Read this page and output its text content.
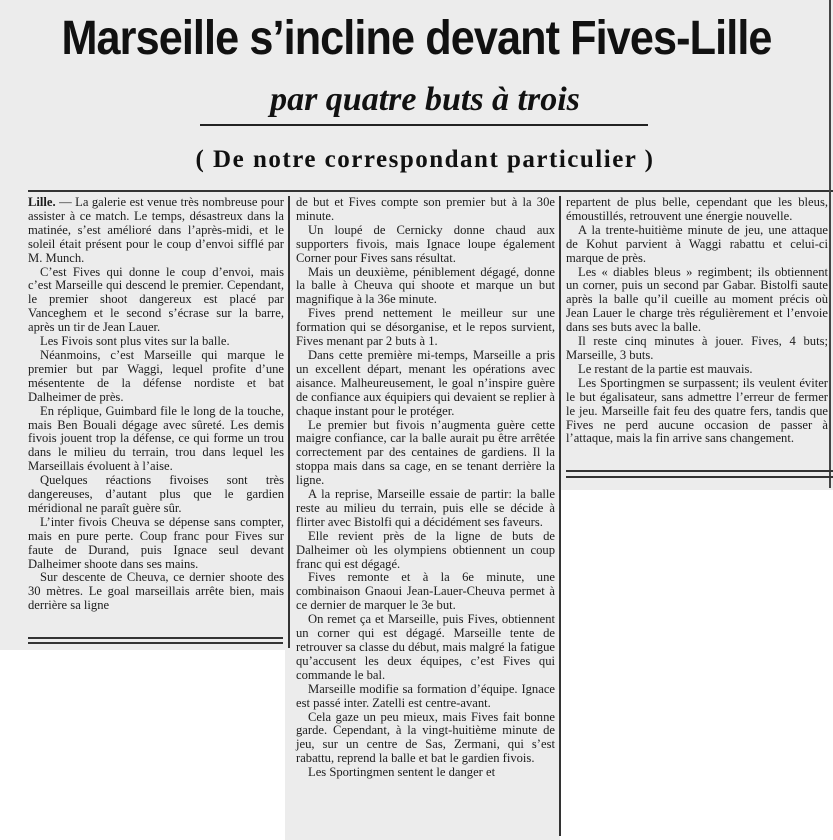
Marseille s’incline devant Fives-Lille
par quatre buts à trois
( De notre correspondant particulier )

Lille. — La galerie est venue très nombreuse pour assister à ce match. Le temps, désastreux dans la matinée, s’est amélioré dans l’après-midi, et le soleil était présent pour le coup d’envoi sifflé par M. Munch.

C’est Fives qui donne le coup d’envoi, mais c’est Marseille qui descend le premier. Cependant, le premier shoot dangereux est placé par Vanceghem et le second s’écrase sur la barre, après un tir de Jean Lauer.

Les Fivois sont plus vites sur la balle.

Néanmoins, c’est Marseille qui marque le premier but par Waggi, lequel profite d’une mésentente de la défense nordiste et bat Dalheimer de près.

En réplique, Guimbard file le long de la touche, mais Ben Bouali dégage avec sûreté. Les demis fivois jouent trop la défense, ce qui forme un trou dans le milieu du terrain, trou dans lequel les Marseillais évoluent à l’aise.

Quelques réactions fivoises sont très dangereuses, d’autant plus que le gardien méridional ne paraît guère sûr.

L’inter fivois Cheuva se dépense sans compter, mais en pure perte. Coup franc pour Fives sur faute de Durand, puis Ignace seul devant Dalheimer shoote dans ses mains.

Sur descente de Cheuva, ce dernier shoote des 30 mètres. Le goal marseillais arrête bien, mais derrière sa ligne

de but et Fives compte son premier but à la 30e minute.

Un loupé de Cernicky donne chaud aux supporters fivois, mais Ignace loupe également Corner pour Fives sans résultat.

Mais un deuxième, péniblement dégagé, donne la balle à Cheuva qui shoote et marque un but magnifique à la 36e minute.

Fives prend nettement le meilleur sur une formation qui se désorganise, et le repos survient, Fives menant par 2 buts à 1.

Dans cette première mi-temps, Marseille a pris un excellent départ, menant les opérations avec aisance. Malheureusement, le goal n’inspire guère de confiance aux équipiers qui devaient se replier à chaque instant pour le protéger.

Le premier but fivois n’augmenta guère cette maigre confiance, car la balle aurait pu être arrêtée correctement par des centaines de gardiens. Il la stoppa mais dans sa cage, en se tenant derrière la ligne.

A la reprise, Marseille essaie de partir: la balle reste au milieu du terrain, puis elle se décide à flirter avec Bistolfi qui a décidément ses faveurs.

Elle revient près de la ligne de buts de Dalheimer où les olympiens obtiennent un coup franc qui est dégagé.

Fives remonte et à la 6e minute, une combinaison Gnaoui Jean-Lauer-Cheuva permet à ce dernier de marquer le 3e but.

On remet ça et Marseille, puis Fives, obtiennent un corner qui est dégagé. Marseille tente de retrouver sa classe du début, mais malgré la fatigue qu’accusent les deux équipes, c’est Fives qui commande le bal.

Marseille modifie sa formation d’équipe. Ignace est passé inter. Zatelli est centre-avant.

Cela gaze un peu mieux, mais Fives fait bonne garde. Cependant, à la vingt-huitième minute de jeu, sur un centre de Sas, Zermani, qui s’est rabattu, reprend la balle et bat le gardien fivois.

Les Sportingmen sentent le danger et

repartent de plus belle, cependant que les bleus, émoustillés, retrouvent une énergie nouvelle.

A la trente-huitième minute de jeu, une attaque de Kohut parvient à Waggi rabattu et celui-ci marque de près.

Les « diables bleus » regimbent; ils obtiennent un corner, puis un second par Gabar. Bistolfi saute après la balle qu’il cueille au moment précis où Jean Lauer le charge très régulièrement et l’envoie dans ses buts avec la balle.

Il reste cinq minutes à jouer. Fives, 4 buts; Marseille, 3 buts.

Le restant de la partie est mauvais.

Les Sportingmen se surpassent; ils veulent éviter le but égalisateur, sans admettre l’erreur de fermer le jeu. Marseille fait feu des quatre fers, tandis que Fives ne perd aucune occasion de passer à l’attaque, mais la fin arrive sans changement.
